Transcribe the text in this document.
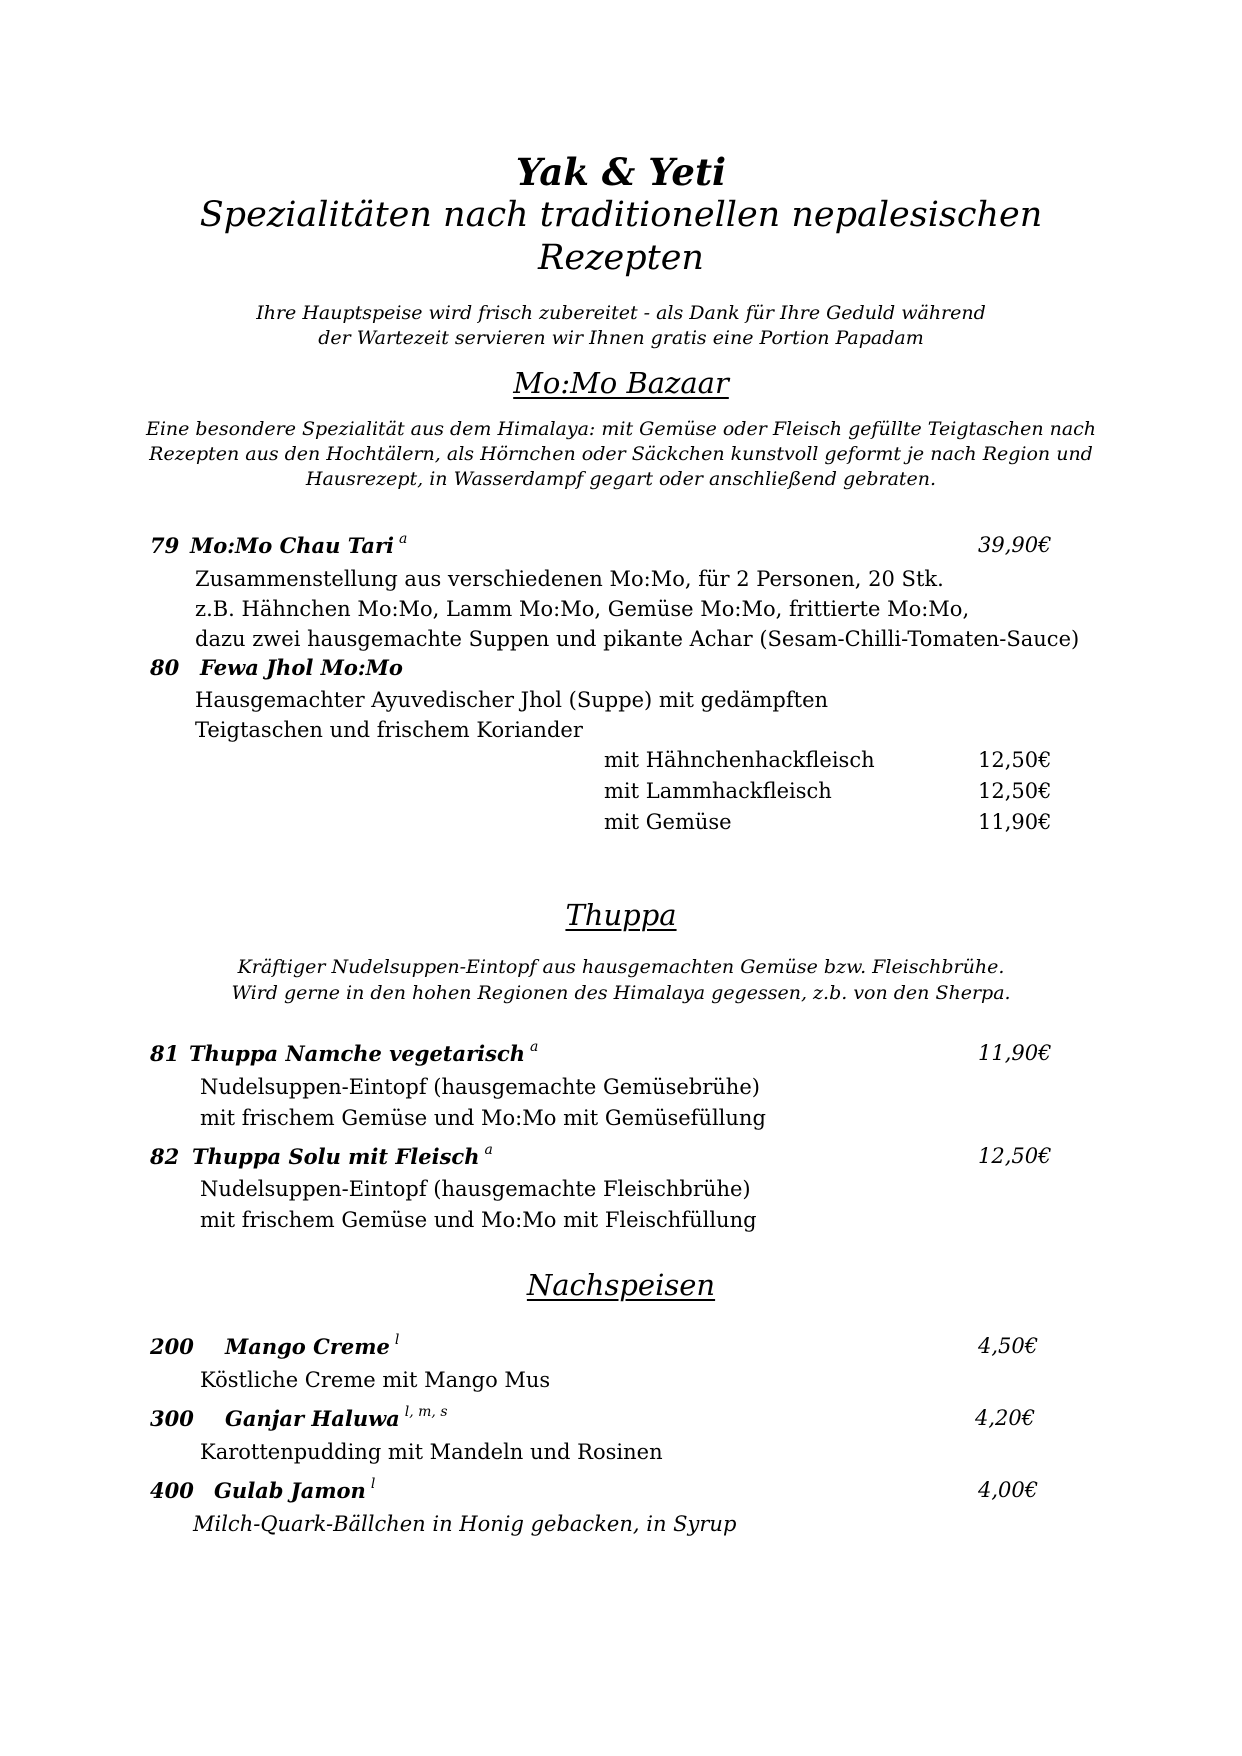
Yak & Yeti
Spezialitäten nach traditionellen nepalesischen
Rezepten
Ihre Hauptspeise wird frisch zubereitet - als Dank für Ihre Geduld während
der Wartezeit servieren wir Ihnen gratis eine Portion Papadam
Mo:Mo Bazaar
Eine besondere Spezialität aus dem Himalaya: mit Gemüse oder Fleisch gefüllte Teigtaschen nach
Rezepten aus den Hochtälern, als Hörnchen oder Säckchen kunstvoll geformt je nach Region und
Hausrezept, in Wasserdampf gegart oder anschließend gebraten.
79 Mo:Mo Chau Tari $^a$	39,90€
Zusammenstellung aus verschiedenen Mo:Mo, für 2 Personen, 20 Stk.
z.B. Hähnchen Mo:Mo, Lamm Mo:Mo, Gemüse Mo:Mo, frittierte Mo:Mo,
dazu zwei hausgemachte Suppen und pikante Achar (Sesam-Chilli-Tomaten-Sauce)
80 Fewa Jhol Mo:Mo
Hausgemachter Ayuvedischer Jhol (Suppe) mit gedämpften
Teigtaschen und frischem Koriander
mit Hähnchenhackfleisch	12,50€
mit Lammhackfleisch	12,50€
mit Gemüse	11,90€
Thuppa
Kräftiger Nudelsuppen-Eintopf aus hausgemachten Gemüse bzw. Fleischbrühe.
Wird gerne in den hohen Regionen des Himalaya gegessen, z.b. von den Sherpa.
81 Thuppa Namche vegetarisch $^a$	11,90€
Nudelsuppen-Eintopf (hausgemachte Gemüsebrühe)
mit frischem Gemüse und Mo:Mo mit Gemüsefüllung
82 Thuppa Solu mit Fleisch $^a$	12,50€
Nudelsuppen-Eintopf (hausgemachte Fleischbrühe)
mit frischem Gemüse und Mo:Mo mit Fleischfüllung
Nachspeisen
200 Mango Creme $^l$	4,50€
Köstliche Creme mit Mango Mus
300 Ganjar Haluwa $^{l, m, s}$	4,20€
Karottenpudding mit Mandeln und Rosinen
400 Gulab Jamon $^l$	4,00€
Milch-Quark-Bällchen in Honig gebacken, in Syrup
